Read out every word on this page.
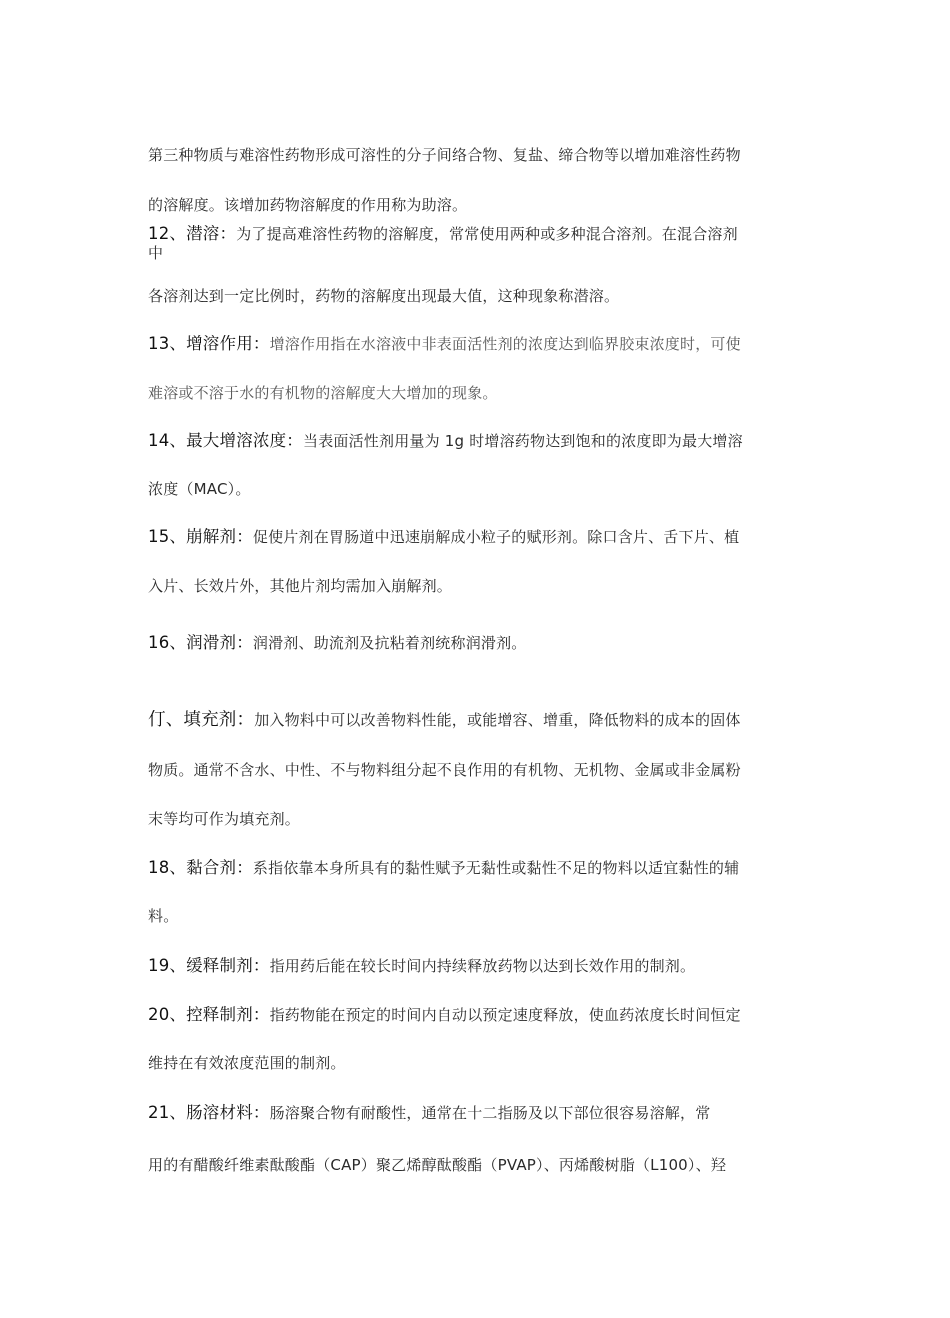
第三种物质与难溶性药物形成可溶性的分子间络合物、复盐、缔合物等以增加难溶性药物
的溶解度。该增加药物溶解度的作用称为助溶。
12、潜溶：为了提高难溶性药物的溶解度，常常使用两种或多种混合溶剂。在混合溶剂
中
各溶剂达到一定比例时，药物的溶解度出现最大值，这种现象称潜溶。
13、增溶作用：增溶作用指在水溶液中非表面活性剂的浓度达到临界胶束浓度时，可使
难溶或不溶于水的有机物的溶解度大大增加的现象。
14、最大增溶浓度：当表面活性剂用量为 1g 时增溶药物达到饱和的浓度即为最大增溶
浓度（MAC）。
15、崩解剂：促使片剂在胃肠道中迅速崩解成小粒子的赋形剂。除口含片、舌下片、植
入片、长效片外，其他片剂均需加入崩解剂。
16、润滑剂：润滑剂、助流剂及抗粘着剂统称润滑剂。
仃、填充剂：加入物料中可以改善物料性能，或能增容、增重，降低物料的成本的固体
物质。通常不含水、中性、不与物料组分起不良作用的有机物、无机物、金属或非金属粉
末等均可作为填充剂。
18、黏合剂：系指依靠本身所具有的黏性赋予无黏性或黏性不足的物料以适宜黏性的辅
料。
19、缓释制剂：指用药后能在较长时间内持续释放药物以达到长效作用的制剂。
20、控释制剂：指药物能在预定的时间内自动以预定速度释放，使血药浓度长时间恒定
维持在有效浓度范围的制剂。
21、肠溶材料：肠溶聚合物有耐酸性，通常在十二指肠及以下部位很容易溶解，常
用的有醋酸纤维素酞酸酯（CAP）聚乙烯醇酞酸酯（PVAP）、丙烯酸树脂（L100）、羟
